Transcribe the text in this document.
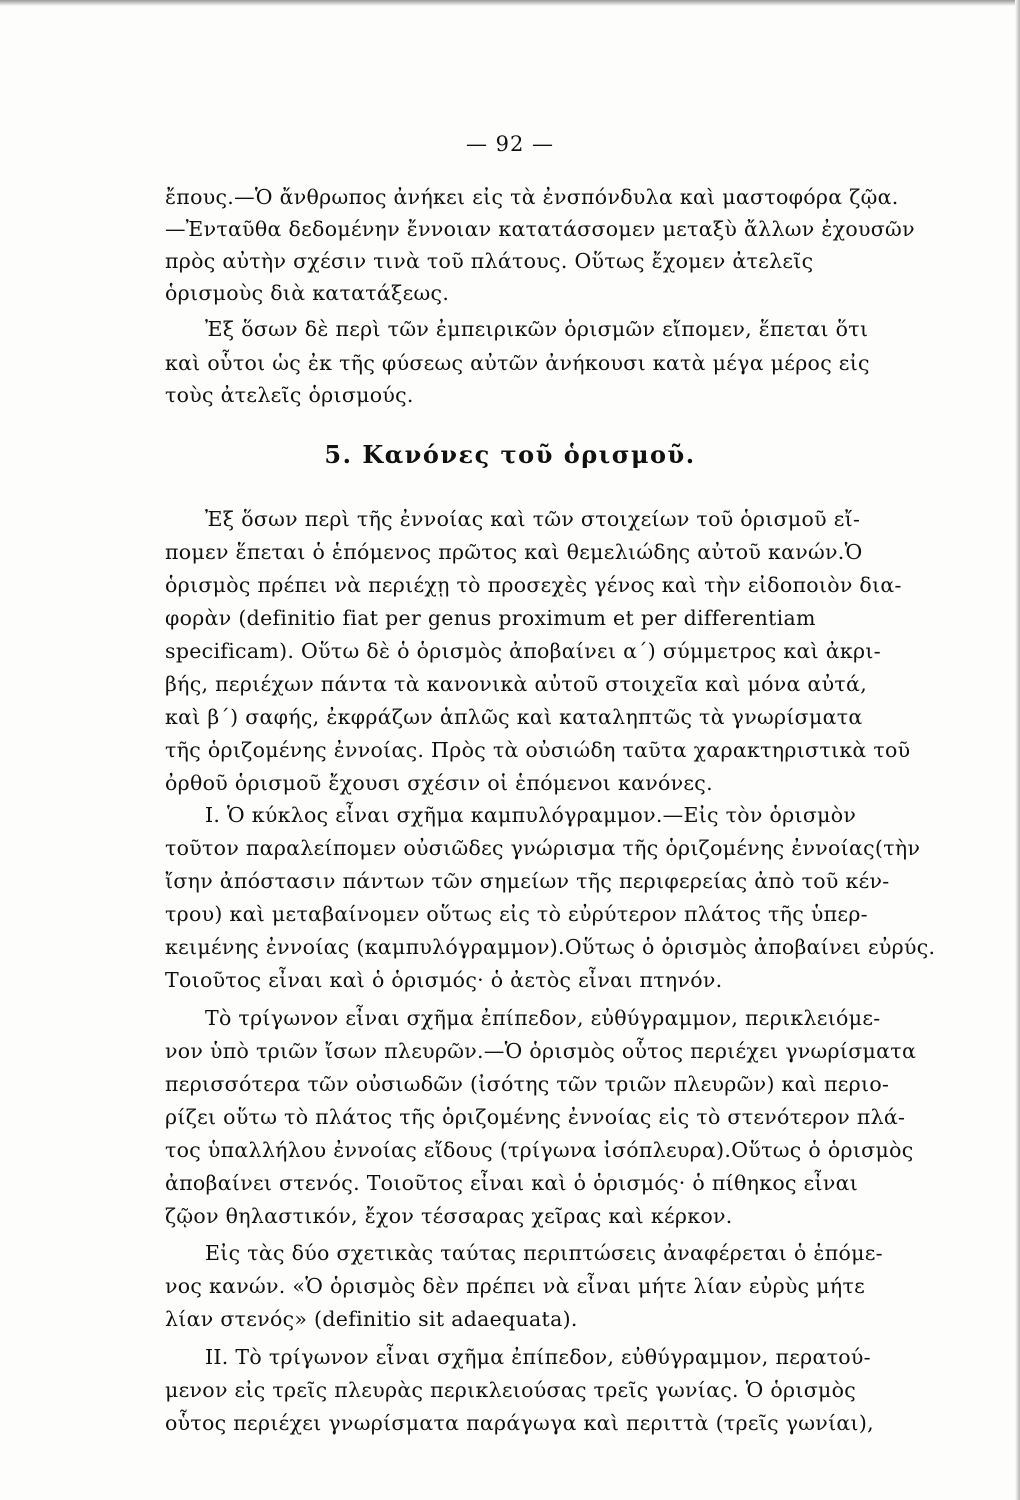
— 92 —
ἔπους.—Ὁ ἄνθρωπος ἀνήκει εἰς τὰ ἐνσπόνδυλα καὶ μαστοφόρα ζῷα.
—Ἐνταῦθα δεδομένην ἔννοιαν κατατάσσομεν μεταξὺ ἄλλων ἐχουσῶν
πρὸς αὐτὴν σχέσιν τινὰ τοῦ πλάτους. Οὕτως ἔχομεν ἀτελεῖς
ὁρισμοὺς διὰ κατατάξεως.
Ἐξ ὅσων δὲ περὶ τῶν ἐμπειρικῶν ὁρισμῶν εἴπομεν, ἕπεται ὅτι
καὶ οὗτοι ὡς ἐκ τῆς φύσεως αὐτῶν ἀνήκουσι κατὰ μέγα μέρος εἰς
τοὺς ἀτελεῖς ὁρισμούς.
5. Κανόνες τοῦ ὁρισμοῦ.
Ἐξ ὅσων περὶ τῆς ἐννοίας καὶ τῶν στοιχείων τοῦ ὁρισμοῦ εἴ-
πομεν ἕπεται ὁ ἑπόμενος πρῶτος καὶ θεμελιώδης αὐτοῦ κανών.Ὁ
ὁρισμὸς πρέπει νὰ περιέχῃ τὸ προσεχὲς γένος καὶ τὴν εἰδοποιὸν δια-
φορὰν (definitio fiat per genus proximum et per differentiam
specificam). Οὕτω δὲ ὁ ὁρισμὸς ἀποβαίνει α΄) σύμμετρος καὶ ἀκρι-
βής, περιέχων πάντα τὰ κανονικὰ αὐτοῦ στοιχεῖα καὶ μόνα αὐτά,
καὶ β΄) σαφής, ἐκφράζων ἁπλῶς καὶ καταληπτῶς τὰ γνωρίσματα
τῆς ὁριζομένης ἐννοίας. Πρὸς τὰ οὐσιώδη ταῦτα χαρακτηριστικὰ τοῦ
ὀρθοῦ ὁρισμοῦ ἔχουσι σχέσιν οἱ ἑπόμενοι κανόνες.
I. Ὁ κύκλος εἶναι σχῆμα καμπυλόγραμμον.—Εἰς τὸν ὁρισμὸν
τοῦτον παραλείπομεν οὐσιῶδες γνώρισμα τῆς ὁριζομένης ἐννοίας(τὴν
ἴσην ἀπόστασιν πάντων τῶν σημείων τῆς περιφερείας ἀπὸ τοῦ κέν-
τρου) καὶ μεταβαίνομεν οὕτως εἰς τὸ εὐρύτερον πλάτος τῆς ὑπερ-
κειμένης ἐννοίας (καμπυλόγραμμον).Οὕτως ὁ ὁρισμὸς ἀποβαίνει εὐρύς.
Τοιοῦτος εἶναι καὶ ὁ ὁρισμός· ὁ ἀετὸς εἶναι πτηνόν.
Τὸ τρίγωνον εἶναι σχῆμα ἐπίπεδον, εὐθύγραμμον, περικλειόμε-
νον ὑπὸ τριῶν ἴσων πλευρῶν.—Ὁ ὁρισμὸς οὗτος περιέχει γνωρίσματα
περισσότερα τῶν οὐσιωδῶν (ἰσότης τῶν τριῶν πλευρῶν) καὶ περιο-
ρίζει οὕτω τὸ πλάτος τῆς ὁριζομένης ἐννοίας εἰς τὸ στενότερον πλά-
τος ὑπαλλήλου ἐννοίας εἴδους (τρίγωνα ἰσόπλευρα).Οὕτως ὁ ὁρισμὸς
ἀποβαίνει στενός. Τοιοῦτος εἶναι καὶ ὁ ὁρισμός· ὁ πίθηκος εἶναι
ζῷον θηλαστικόν, ἔχον τέσσαρας χεῖρας καὶ κέρκον.
Εἰς τὰς δύο σχετικὰς ταύτας περιπτώσεις ἀναφέρεται ὁ ἑπόμε-
νος κανών. «Ὁ ὁρισμὸς δὲν πρέπει νὰ εἶναι μήτε λίαν εὐρὺς μήτε
λίαν στενός» (definitio sit adaequata).
II. Τὸ τρίγωνον εἶναι σχῆμα ἐπίπεδον, εὐθύγραμμον, περατού-
μενον εἰς τρεῖς πλευρὰς περικλειούσας τρεῖς γωνίας. Ὁ ὁρισμὸς
οὗτος περιέχει γνωρίσματα παράγωγα καὶ περιττὰ (τρεῖς γωνίαι),
